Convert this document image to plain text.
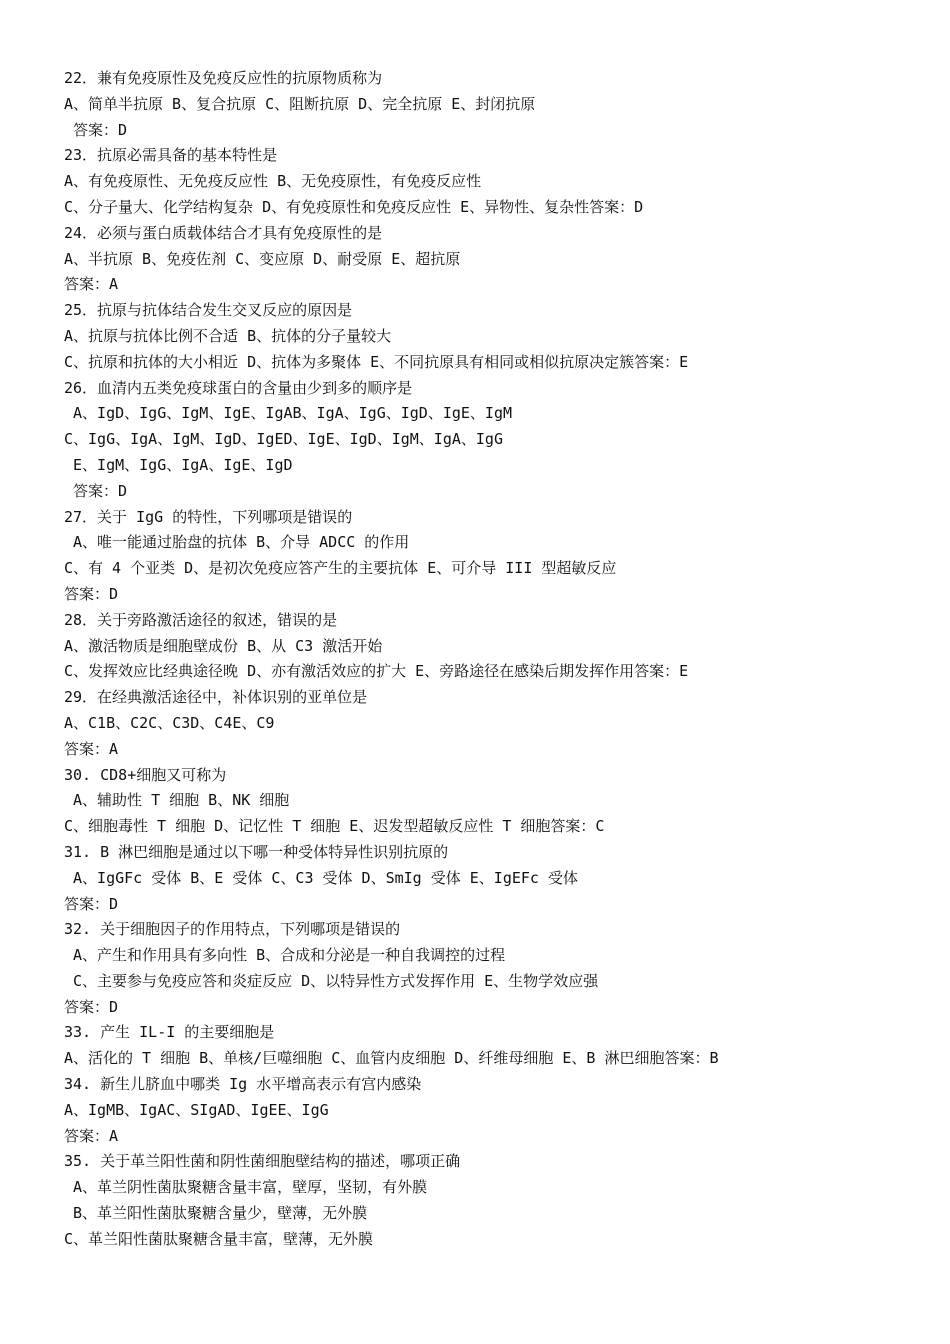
22．兼有免疫原性及免疫反应性的抗原物质称为
A、简单半抗原 B、复合抗原 C、阻断抗原 D、完全抗原 E、封闭抗原
答案：D
23．抗原必需具备的基本特性是
A、有免疫原性、无免疫反应性 B、无免疫原性，有免疫反应性
C、分子量大、化学结构复杂 D、有免疫原性和免疫反应性 E、异物性、复杂性答案：D
24．必须与蛋白质载体结合才具有免疫原性的是
A、半抗原 B、免疫佐剂 C、变应原 D、耐受原 E、超抗原
答案：A
25．抗原与抗体结合发生交叉反应的原因是
A、抗原与抗体比例不合适 B、抗体的分子量较大
C、抗原和抗体的大小相近 D、抗体为多聚体 E、不同抗原具有相同或相似抗原决定簇答案：E
26．血清内五类免疫球蛋白的含量由少到多的顺序是
A、IgD、IgG、IgM、IgE、IgAB、IgA、IgG、IgD、IgE、IgM
C、IgG、IgA、IgM、IgD、IgED、IgE、IgD、IgM、IgA、IgG
E、IgM、IgG、IgA、IgE、IgD
答案：D
27．关于 IgG 的特性，下列哪项是错误的
A、唯一能通过胎盘的抗体 B、介导 ADCC 的作用
C、有 4 个亚类 D、是初次免疫应答产生的主要抗体 E、可介导 III 型超敏反应
答案：D
28．关于旁路激活途径的叙述，错误的是
A、激活物质是细胞壁成份 B、从 C3 激活开始
C、发挥效应比经典途径晚 D、亦有激活效应的扩大 E、旁路途径在感染后期发挥作用答案：E
29．在经典激活途径中，补体识别的亚单位是
A、C1B、C2C、C3D、C4E、C9
答案：A
30. CD8+细胞又可称为
A、辅助性 T 细胞 B、NK 细胞
C、细胞毒性 T 细胞 D、记忆性 T 细胞 E、迟发型超敏反应性 T 细胞答案：C
31. B 淋巴细胞是通过以下哪一种受体特异性识别抗原的
A、IgGFc 受体 B、E 受体 C、C3 受体 D、SmIg 受体 E、IgEFc 受体
答案：D
32. 关于细胞因子的作用特点，下列哪项是错误的
A、产生和作用具有多向性 B、合成和分泌是一种自我调控的过程
C、主要参与免疫应答和炎症反应 D、以特异性方式发挥作用 E、生物学效应强
答案：D
33. 产生 IL-I 的主要细胞是
A、活化的 T 细胞 B、单核/巨噬细胞 C、血管内皮细胞 D、纤维母细胞 E、B 淋巴细胞答案：B
34. 新生儿脐血中哪类 Ig 水平增高表示有宫内感染
A、IgMB、IgAC、SIgAD、IgEE、IgG
答案：A
35. 关于革兰阳性菌和阴性菌细胞壁结构的描述，哪项正确
A、革兰阴性菌肽聚糖含量丰富，壁厚，坚韧，有外膜
B、革兰阳性菌肽聚糖含量少，壁薄，无外膜
C、革兰阳性菌肽聚糖含量丰富，壁薄，无外膜
